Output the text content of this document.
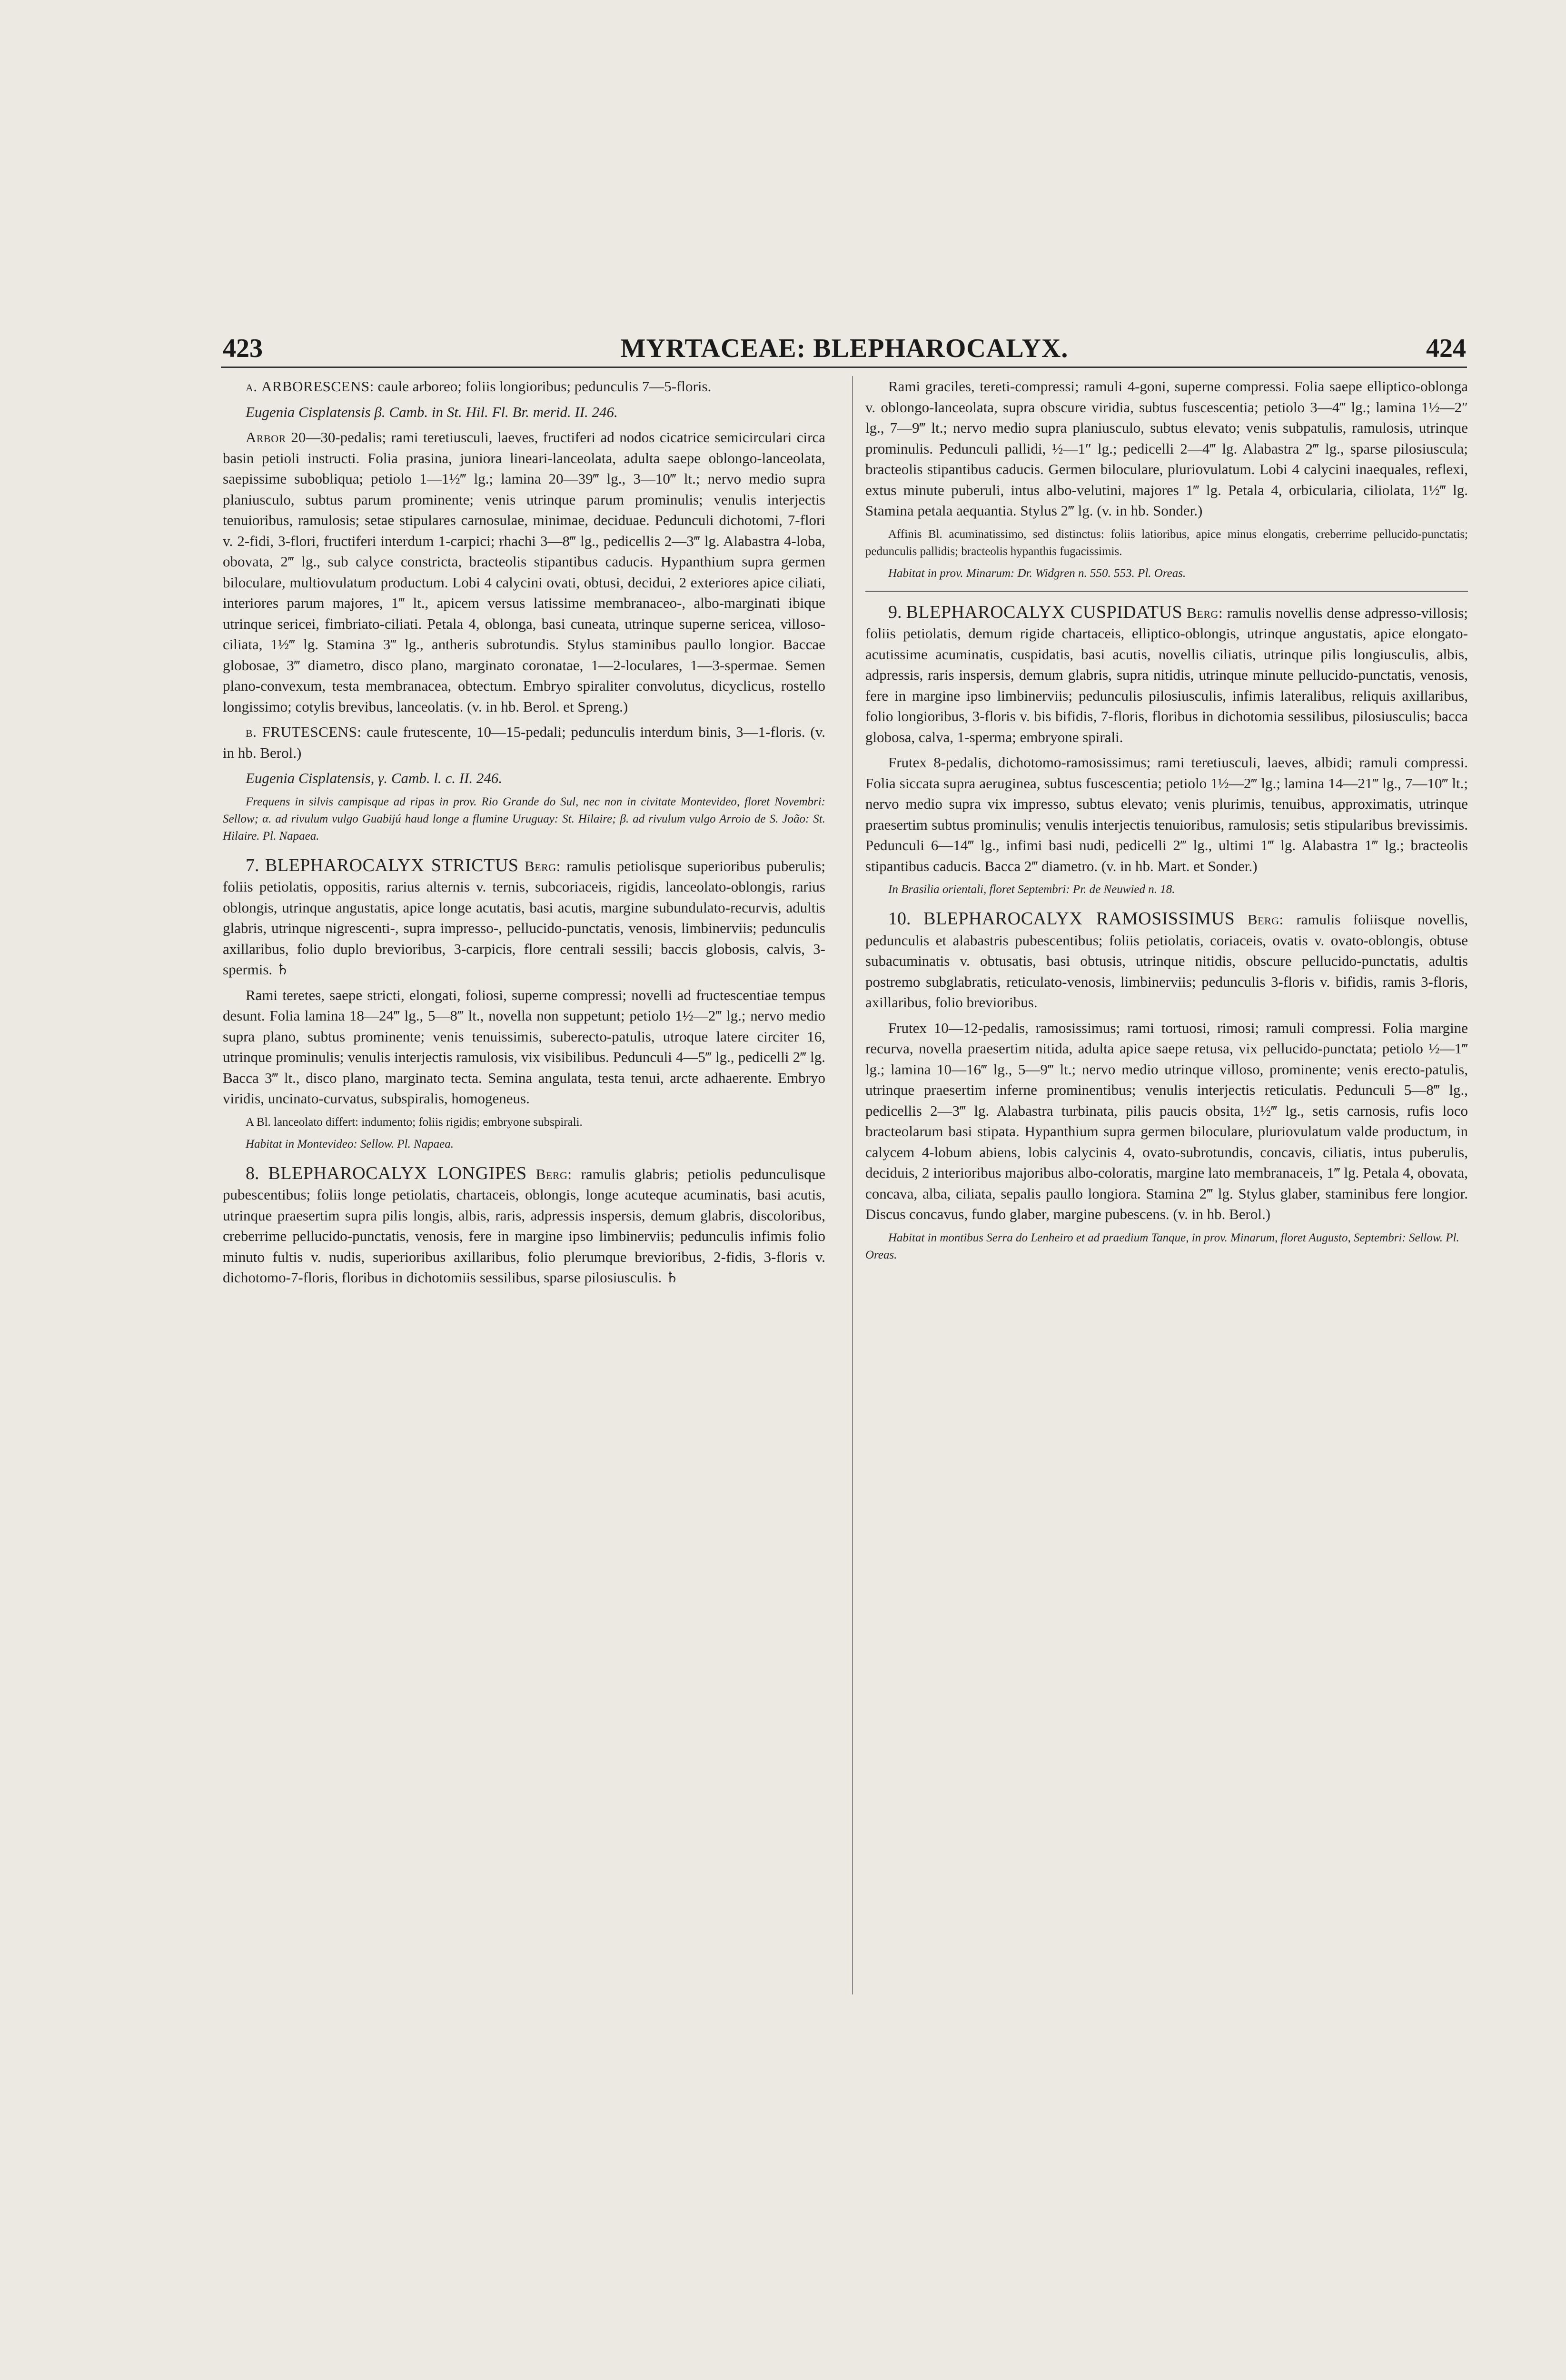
423	MYRTACEAE: BLEPHAROCALYX.	424

α. ARBORESCENS: caule arboreo; foliis longioribus; pedunculis 7—5-floris.

Eugenia Cisplatensis β. Camb. in St. Hil. Fl. Br. merid. II. 246.

Arbor 20—30-pedalis; rami teretiusculi, laeves, fructiferi ad nodos cicatrice semicirculari circa basin petioli instructi. Folia prasina, juniora lineari-lanceolata, adulta saepe oblongo-lanceolata, saepissime subobliqua; petiolo 1—1½‴ lg.; lamina 20—39‴ lg., 3—10‴ lt.; nervo medio supra planiusculo, subtus parum prominente; venis utrinque parum prominulis; venulis interjectis tenuioribus, ramulosis; setae stipulares carnosulae, minimae, deciduae. Pedunculi dichotomi, 7-flori v. 2-fidi, 3-flori, fructiferi interdum 1-carpici; rhachi 3—8‴ lg., pedicellis 2—3‴ lg. Alabastra 4-loba, obovata, 2‴ lg., sub calyce constricta, bracteolis stipantibus caducis. Hypanthium supra germen biloculare, multiovulatum productum. Lobi 4 calycini ovati, obtusi, decidui, 2 exteriores apice ciliati, interiores parum majores, 1‴ lt., apicem versus latissime membranaceo-, albo-marginati ibique utrinque sericei, fimbriato-ciliati. Petala 4, oblonga, basi cuneata, utrinque superne sericea, villoso-ciliata, 1½‴ lg. Stamina 3‴ lg., antheris subrotundis. Stylus staminibus paullo longior. Baccae globosae, 3‴ diametro, disco plano, marginato coronatae, 1—2-loculares, 1—3-spermae. Semen plano-convexum, testa membranacea, obtectum. Embryo spiraliter convolutus, dicyclicus, rostello longissimo; cotylis brevibus, lanceolatis. (v. in hb. Berol. et Spreng.)

β. FRUTESCENS: caule frutescente, 10—15-pedali; pedunculis interdum binis, 3—1-floris. (v. in hb. Berol.)

Eugenia Cisplatensis, γ. Camb. l. c. II. 246.

Frequens in silvis campisque ad ripas in prov. Rio Grande do Sul, nec non in civitate Montevideo, floret Novembri: Sellow; α. ad rivulum vulgo Guabijú haud longe a flumine Uruguay: St. Hilaire; β. ad rivulum vulgo Arroio de S. João: St. Hilaire. Pl. Napaea.

7. BLEPHAROCALYX STRICTUS Berg: ramulis petiolisque superioribus puberulis; foliis petiolatis, oppositis, rarius alternis v. ternis, subcoriaceis, rigidis, lanceolato-oblongis, rarius oblongis, utrinque angustatis, apice longe acutatis, basi acutis, margine subundulato-recurvis, adultis glabris, utrinque nigrescenti-, supra impresso-, pellucido-punctatis, venosis, limbinerviis; pedunculis axillaribus, folio duplo brevioribus, 3-carpicis, flore centrali sessili; baccis globosis, calvis, 3-spermis. ♄

Rami teretes, saepe stricti, elongati, foliosi, superne compressi; novelli ad fructescentiae tempus desunt. Folia lamina 18—24‴ lg., 5—8‴ lt., novella non suppetunt; petiolo 1½—2‴ lg.; nervo medio supra plano, subtus prominente; venis tenuissimis, suberecto-patulis, utroque latere circiter 16, utrinque prominulis; venulis interjectis ramulosis, vix visibilibus. Pedunculi 4—5‴ lg., pedicelli 2‴ lg. Bacca 3‴ lt., disco plano, marginato tecta. Semina angulata, testa tenui, arcte adhaerente. Embryo viridis, uncinato-curvatus, subspiralis, homogeneus.

A Bl. lanceolato differt: indumento; foliis rigidis; embryone subspirali.

Habitat in Montevideo: Sellow. Pl. Napaea.

8. BLEPHAROCALYX LONGIPES Berg: ramulis glabris; petiolis pedunculisque pubescentibus; foliis longe petiolatis, chartaceis, oblongis, longe acuteque acuminatis, basi acutis, utrinque praesertim supra pilis longis, albis, raris, adpressis inspersis, demum glabris, discoloribus, creberrime pellucido-punctatis, venosis, fere in margine ipso limbinerviis; pedunculis infimis folio minuto fultis v. nudis, superioribus axillaribus, folio plerumque brevioribus, 2-fidis, 3-floris v. dichotomo-7-floris, floribus in dichotomiis sessilibus, sparse pilosiusculis. ♄

Rami graciles, tereti-compressi; ramuli 4-goni, superne compressi. Folia saepe elliptico-oblonga v. oblongo-lanceolata, supra obscure viridia, subtus fuscescentia; petiolo 3—4‴ lg.; lamina 1½—2″ lg., 7—9‴ lt.; nervo medio supra planiusculo, subtus elevato; venis subpatulis, ramulosis, utrinque prominulis. Pedunculi pallidi, ½—1″ lg.; pedicelli 2—4‴ lg. Alabastra 2‴ lg., sparse pilosiuscula; bracteolis stipantibus caducis. Germen biloculare, pluriovulatum. Lobi 4 calycini inaequales, reflexi, extus minute puberuli, intus albo-velutini, majores 1‴ lg. Petala 4, orbicularia, ciliolata, 1½‴ lg. Stamina petala aequantia. Stylus 2‴ lg. (v. in hb. Sonder.)

Affinis Bl. acuminatissimo, sed distinctus: foliis latioribus, apice minus elongatis, creberrime pellucido-punctatis; pedunculis pallidis; bracteolis hypanthis fugacissimis.

Habitat in prov. Minarum: Dr. Widgren n. 550. 553. Pl. Oreas.

9. BLEPHAROCALYX CUSPIDATUS Berg: ramulis novellis dense adpresso-villosis; foliis petiolatis, demum rigide chartaceis, elliptico-oblongis, utrinque angustatis, apice elongato-acutissime acuminatis, cuspidatis, basi acutis, novellis ciliatis, utrinque pilis longiusculis, albis, adpressis, raris inspersis, demum glabris, supra nitidis, utrinque minute pellucido-punctatis, venosis, fere in margine ipso limbinerviis; pedunculis pilosiusculis, infimis lateralibus, reliquis axillaribus, folio longioribus, 3-floris v. bis bifidis, 7-floris, floribus in dichotomia sessilibus, pilosiusculis; bacca globosa, calva, 1-sperma; embryone spirali.

Frutex 8-pedalis, dichotomo-ramosissimus; rami teretiusculi, laeves, albidi; ramuli compressi. Folia siccata supra aeruginea, subtus fuscescentia; petiolo 1½—2‴ lg.; lamina 14—21‴ lg., 7—10‴ lt.; nervo medio supra vix impresso, subtus elevato; venis plurimis, tenuibus, approximatis, utrinque praesertim subtus prominulis; venulis interjectis tenuioribus, ramulosis; setis stipularibus brevissimis. Pedunculi 6—14‴ lg., infimi basi nudi, pedicelli 2‴ lg., ultimi 1‴ lg. Alabastra 1‴ lg.; bracteolis stipantibus caducis. Bacca 2‴ diametro. (v. in hb. Mart. et Sonder.)

In Brasilia orientali, floret Septembri: Pr. de Neuwied n. 18.

10. BLEPHAROCALYX RAMOSISSIMUS Berg: ramulis foliisque novellis, pedunculis et alabastris pubescentibus; foliis petiolatis, coriaceis, ovatis v. ovato-oblongis, obtuse subacuminatis v. obtusatis, basi obtusis, utrinque nitidis, obscure pellucido-punctatis, adultis postremo subglabratis, reticulato-venosis, limbinerviis; pedunculis 3-floris v. bifidis, ramis 3-floris, axillaribus, folio brevioribus.

Frutex 10—12-pedalis, ramosissimus; rami tortuosi, rimosi; ramuli compressi. Folia margine recurva, novella praesertim nitida, adulta apice saepe retusa, vix pellucido-punctata; petiolo ½—1‴ lg.; lamina 10—16‴ lg., 5—9‴ lt.; nervo medio utrinque villoso, prominente; venis erecto-patulis, utrinque praesertim inferne prominentibus; venulis interjectis reticulatis. Pedunculi 5—8‴ lg., pedicellis 2—3‴ lg. Alabastra turbinata, pilis paucis obsita, 1½‴ lg., setis carnosis, rufis loco bracteolarum basi stipata. Hypanthium supra germen biloculare, pluriovulatum valde productum, in calycem 4-lobum abiens, lobis calycinis 4, ovato-subrotundis, concavis, ciliatis, intus puberulis, deciduis, 2 interioribus majoribus albo-coloratis, margine lato membranaceis, 1‴ lg. Petala 4, obovata, concava, alba, ciliata, sepalis paullo longiora. Stamina 2‴ lg. Stylus glaber, staminibus fere longior. Discus concavus, fundo glaber, margine pubescens. (v. in hb. Berol.)

Habitat in montibus Serra do Lenheiro et ad praedium Tanque, in prov. Minarum, floret Augusto, Septembri: Sellow. Pl. Oreas.
